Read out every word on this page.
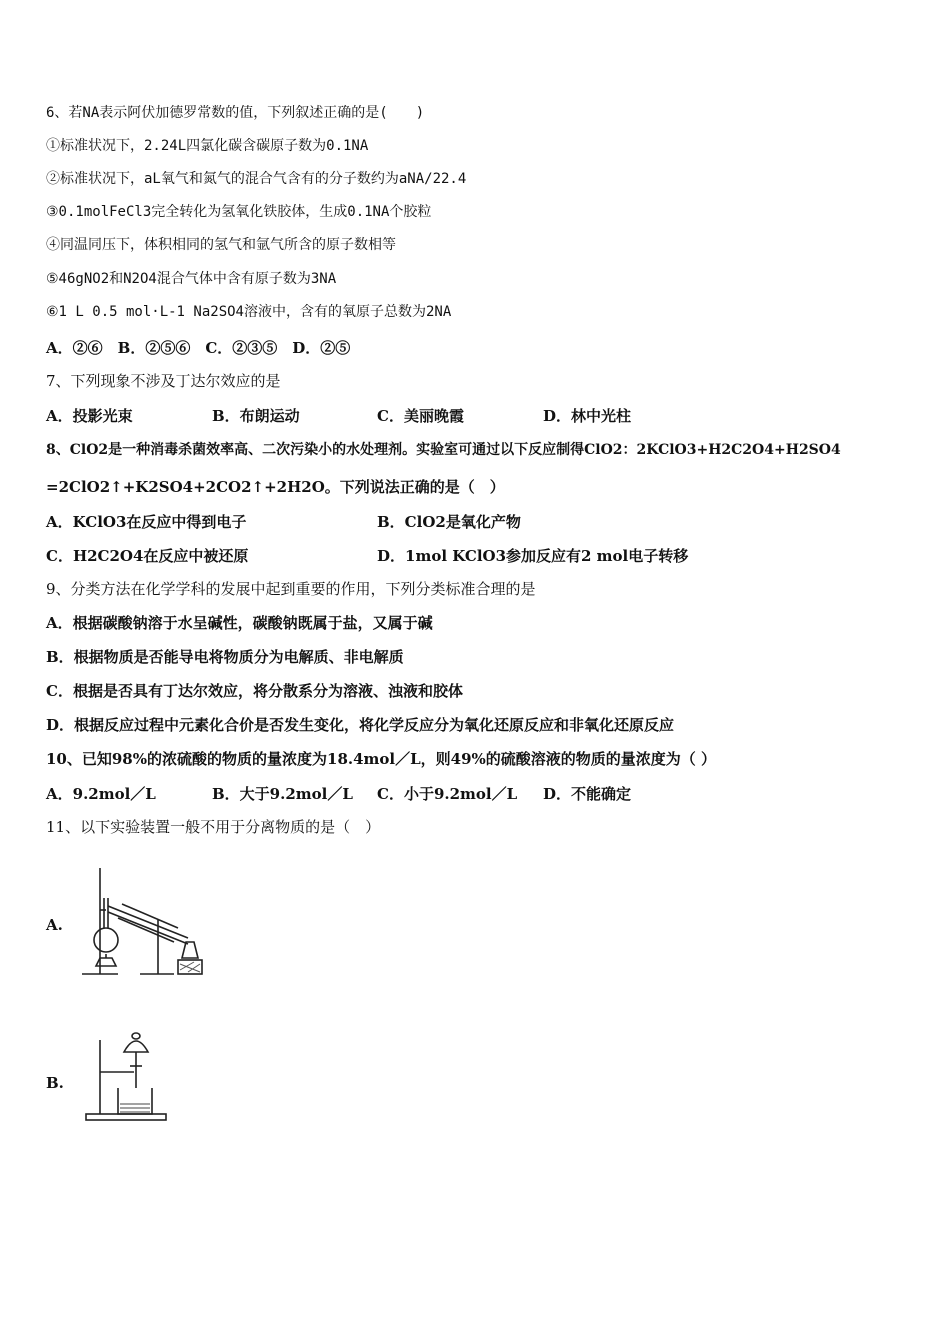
6、若NA表示阿伏加德罗常数的值，下列叙述正确的是(　　)
①标准状况下，2.24L四氯化碳含碳原子数为0.1NA
②标准状况下，aL氧气和氮气的混合气含有的分子数约为aNA/22.4
③0.1molFeCl3完全转化为氢氧化铁胶体，生成0.1NA个胶粒
④同温同压下，体积相同的氢气和氩气所含的原子数相等
⑤46gNO2和N2O4混合气体中含有原子数为3NA
⑥1 L 0.5 mol·L-1 Na2SO4溶液中，含有的氧原子总数为2NA
A．②⑥　B．②⑤⑥　C．②③⑤　D．②⑤
7、下列现象不涉及丁达尔效应的是
A．投影光束	B．布朗运动	C．美丽晚霞	D．林中光柱
8、ClO2是一种消毒杀菌效率高、二次污染小的水处理剂。实验室可通过以下反应制得ClO2：2KClO3+H2C2O4+H2SO4
=2ClO2↑+K2SO4+2CO2↑+2H2O。下列说法正确的是（　）
A．KClO3在反应中得到电子	B．ClO2是氧化产物
C．H2C2O4在反应中被还原	D．1mol KClO3参加反应有2 mol电子转移
9、分类方法在化学学科的发展中起到重要的作用，下列分类标准合理的是
A．根据碳酸钠溶于水呈碱性，碳酸钠既属于盐，又属于碱
B．根据物质是否能导电将物质分为电解质、非电解质
C．根据是否具有丁达尔效应，将分散系分为溶液、浊液和胶体
D．根据反应过程中元素化合价是否发生变化，将化学反应分为氧化还原反应和非氧化还原反应
10、已知98%的浓硫酸的物质的量浓度为18.4mol／L，则49%的硫酸溶液的物质的量浓度为（ ）
A．9.2mol／L	B．大于9.2mol／L C．小于9.2mol／L D．不能确定
11、以下实验装置一般不用于分离物质的是（　）
A.
B.
